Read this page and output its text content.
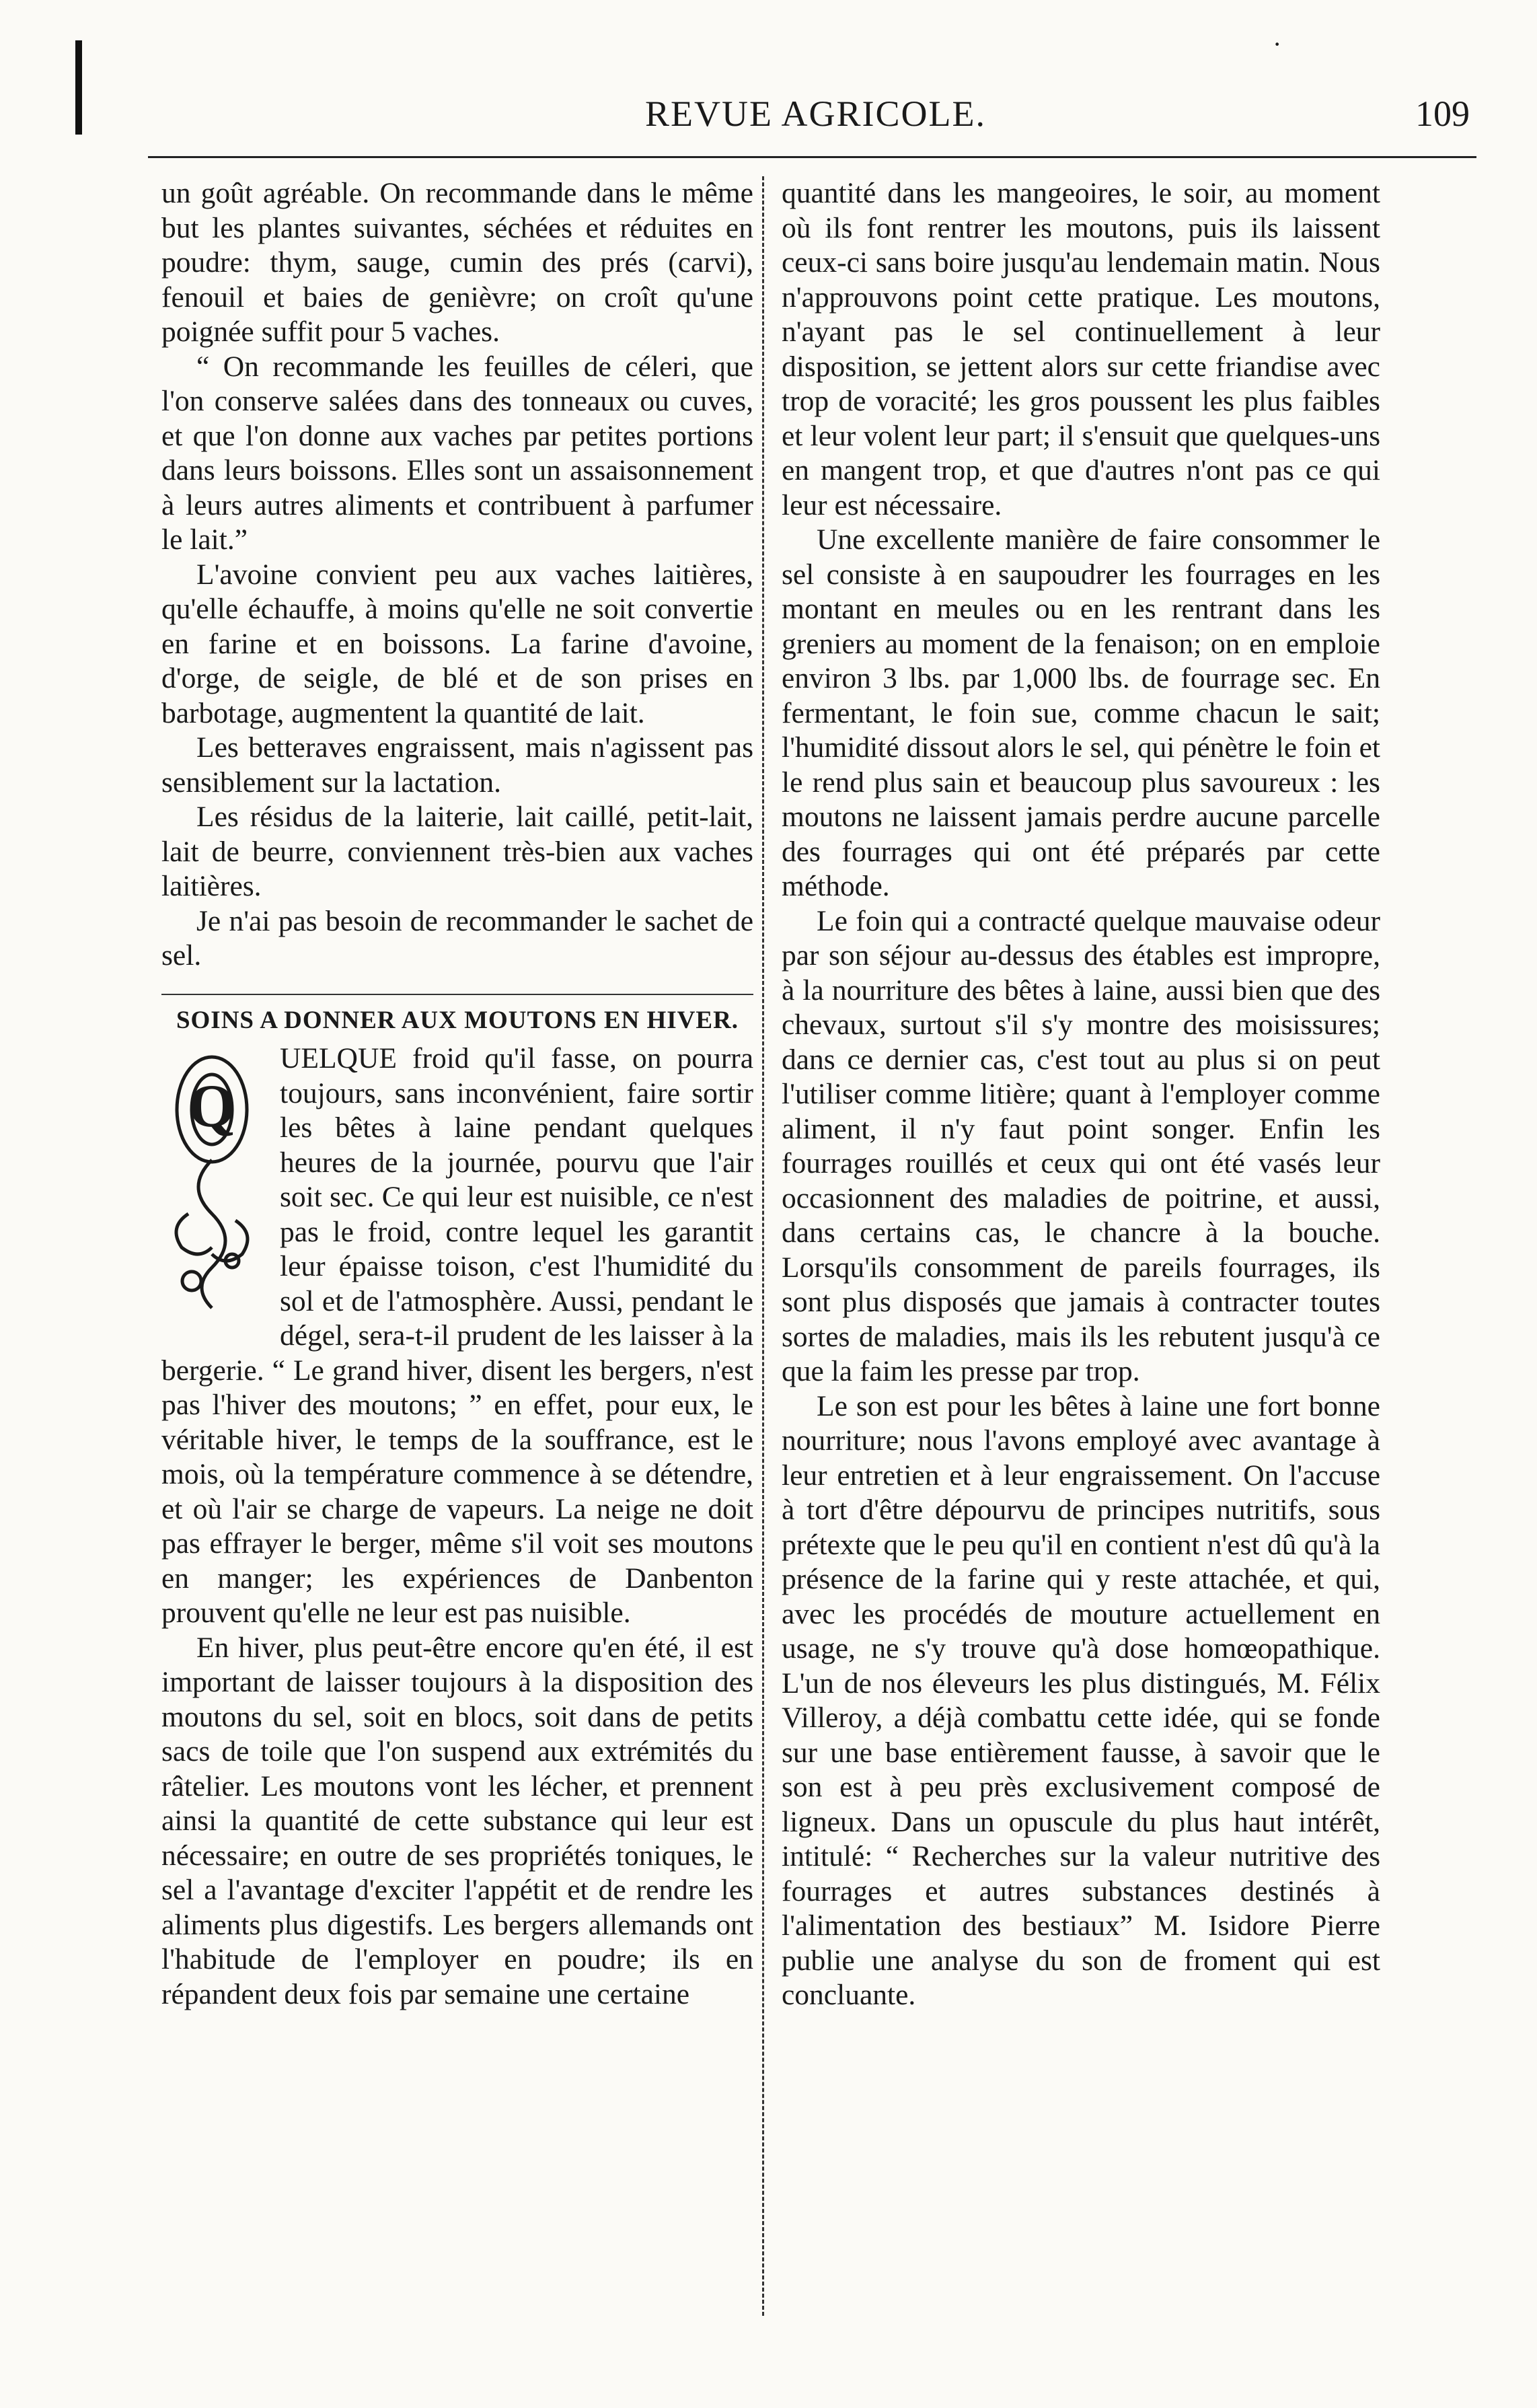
·
REVUE AGRICOLE.	109

un goût agréable. On recommande dans le même but les plantes suivantes, séchées et réduites en poudre: thym, sauge, cumin des prés (carvi), fenouil et baies de genièvre; on croît qu'une poignée suffit pour 5 vaches.

“ On recommande les feuilles de céleri, que l'on conserve salées dans des tonneaux ou cuves, et que l'on donne aux vaches par petites portions dans leurs boissons. Elles sont un assaisonnement à leurs autres aliments et contribuent à parfumer le lait.”

L'avoine convient peu aux vaches laitières, qu'elle échauffe, à moins qu'elle ne soit convertie en farine et en boissons. La farine d'avoine, d'orge, de seigle, de blé et de son prises en barbotage, augmentent la quantité de lait.

Les betteraves engraissent, mais n'agissent pas sensiblement sur la lactation.

Les résidus de la laiterie, lait caillé, petit-lait, lait de beurre, conviennent très-bien aux vaches laitières.

Je n'ai pas besoin de recommander le sachet de sel.

SOINS A DONNER AUX MOUTONS EN HIVER.
Q

UELQUE froid qu'il fasse, on pourra toujours, sans inconvénient, faire sortir les bêtes à laine pendant quelques heures de la journée, pourvu que l'air soit sec. Ce qui leur est nuisible, ce n'est pas le froid, contre lequel les garantit leur épaisse toison, c'est l'humidité du sol et de l'atmosphère. Aussi, pendant le dégel, sera-t-il prudent de les laisser à la bergerie. “ Le grand hiver, disent les bergers, n'est pas l'hiver des moutons; ” en effet, pour eux, le véritable hiver, le temps de la souffrance, est le mois, où la température commence à se détendre, et où l'air se charge de vapeurs. La neige ne doit pas effrayer le berger, même s'il voit ses moutons en manger; les expériences de Danbenton prouvent qu'elle ne leur est pas nuisible.

En hiver, plus peut-être encore qu'en été, il est important de laisser toujours à la disposition des moutons du sel, soit en blocs, soit dans de petits sacs de toile que l'on suspend aux extrémités du râtelier. Les moutons vont les lécher, et prennent ainsi la quantité de cette substance qui leur est nécessaire; en outre de ses propriétés toniques, le sel a l'avantage d'exciter l'appétit et de rendre les aliments plus digestifs. Les bergers allemands ont l'habitude de l'employer en poudre; ils en répandent deux fois par semaine une certaine

quantité dans les mangeoires, le soir, au moment où ils font rentrer les moutons, puis ils laissent ceux-ci sans boire jusqu'au lendemain matin. Nous n'approuvons point cette pratique. Les moutons, n'ayant pas le sel continuellement à leur disposition, se jettent alors sur cette friandise avec trop de voracité; les gros poussent les plus faibles et leur volent leur part; il s'ensuit que quelques-uns en mangent trop, et que d'autres n'ont pas ce qui leur est nécessaire.

Une excellente manière de faire consommer le sel consiste à en saupoudrer les fourrages en les montant en meules ou en les rentrant dans les greniers au moment de la fenaison; on en emploie environ 3 lbs. par 1,000 lbs. de fourrage sec. En fermentant, le foin sue, comme chacun le sait; l'humidité dissout alors le sel, qui pénètre le foin et le rend plus sain et beaucoup plus savoureux : les moutons ne laissent jamais perdre aucune parcelle des fourrages qui ont été préparés par cette méthode.

Le foin qui a contracté quelque mauvaise odeur par son séjour au-dessus des étables est impropre, à la nourriture des bêtes à laine, aussi bien que des chevaux, surtout s'il s'y montre des moisissures; dans ce dernier cas, c'est tout au plus si on peut l'utiliser comme litière; quant à l'employer comme aliment, il n'y faut point songer. Enfin les fourrages rouillés et ceux qui ont été vasés leur occasionnent des maladies de poitrine, et aussi, dans certains cas, le chancre à la bouche. Lorsqu'ils consomment de pareils fourrages, ils sont plus disposés que jamais à contracter toutes sortes de maladies, mais ils les rebutent jusqu'à ce que la faim les presse par trop.

Le son est pour les bêtes à laine une fort bonne nourriture; nous l'avons employé avec avantage à leur entretien et à leur engraissement. On l'accuse à tort d'être dépourvu de principes nutritifs, sous prétexte que le peu qu'il en contient n'est dû qu'à la présence de la farine qui y reste attachée, et qui, avec les procédés de mouture actuellement en usage, ne s'y trouve qu'à dose homœopathique. L'un de nos éleveurs les plus distingués, M. Félix Villeroy, a déjà combattu cette idée, qui se fonde sur une base entièrement fausse, à savoir que le son est à peu près exclusivement composé de ligneux. Dans un opuscule du plus haut intérêt, intitulé: “ Recherches sur la valeur nutritive des fourrages et autres substances destinés à l'alimentation des bestiaux” M. Isidore Pierre publie une analyse du son de froment qui est concluante.
